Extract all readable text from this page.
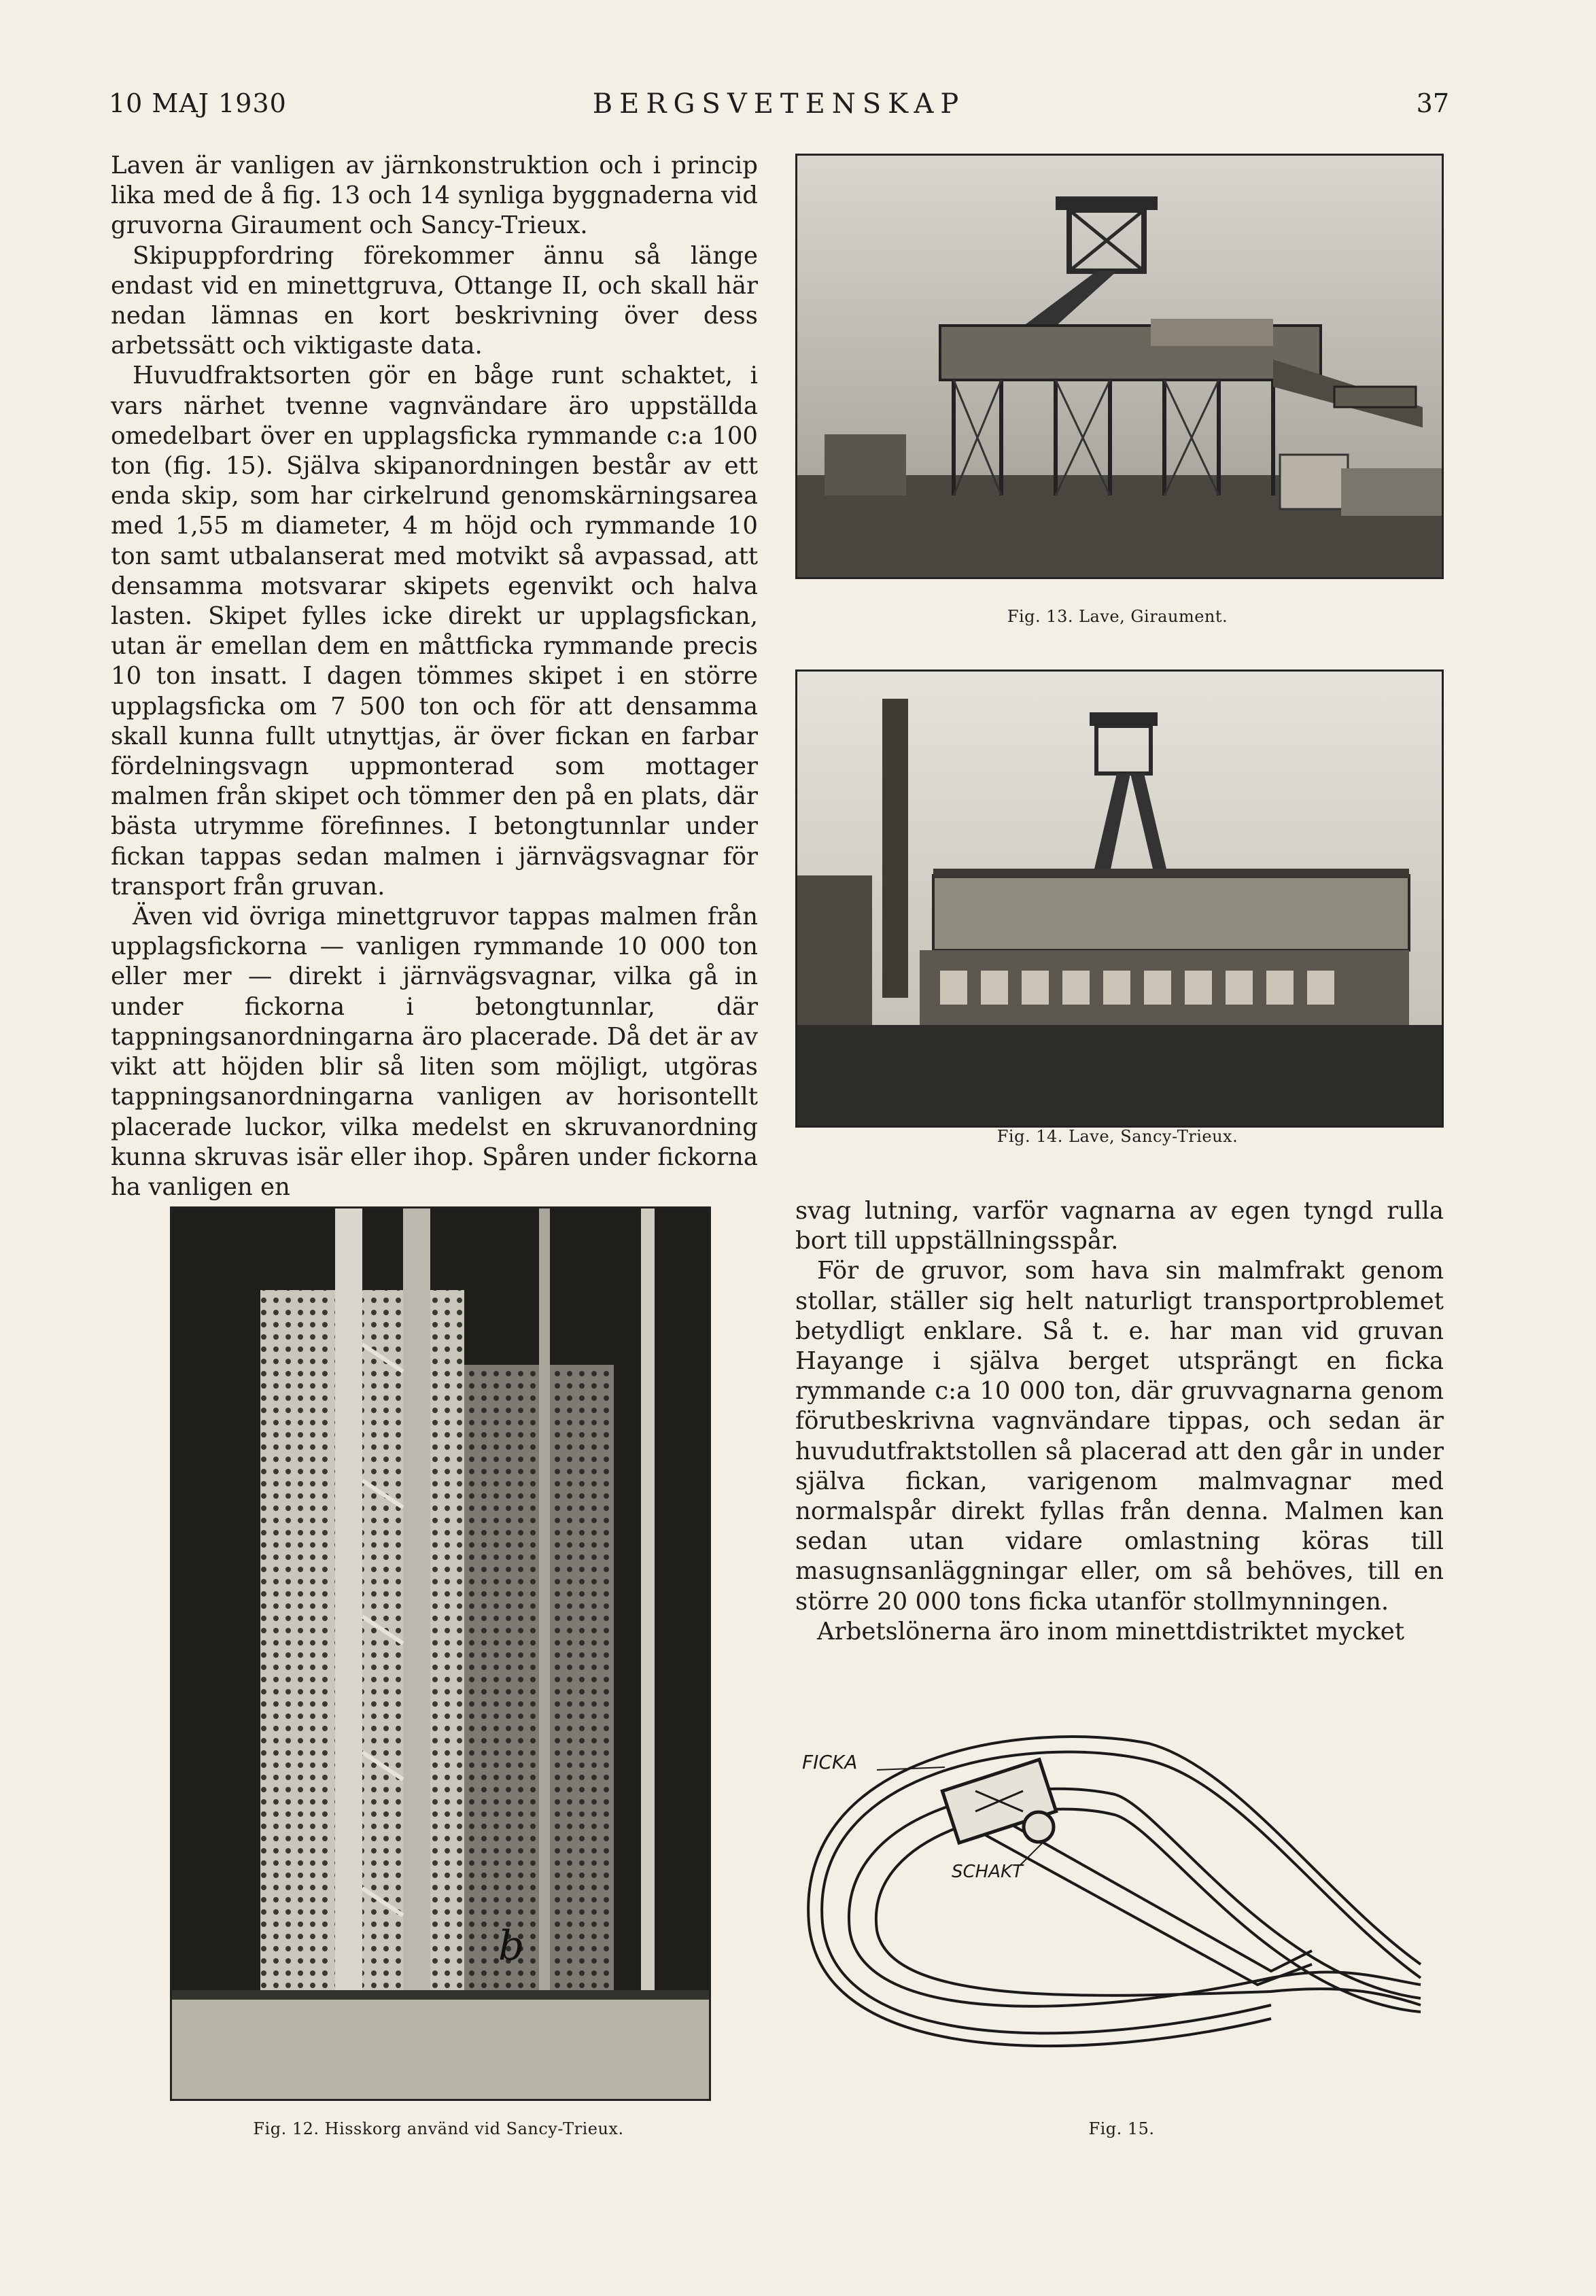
10 MAJ 1930	BERGSVETENSKAP	37

Laven är vanligen av järnkonstruktion och i princip lika med de å fig. 13 och 14 synliga byggnaderna vid gruvorna Giraument och Sancy-Trieux.

Skipuppfordring förekommer ännu så länge endast vid en minettgruva, Ottange II, och skall här nedan lämnas en kort beskrivning över dess arbetssätt och viktigaste data.

Huvudfraktsorten gör en båge runt schaktet, i vars närhet tvenne vagnvändare äro uppställda omedelbart över en upplagsficka rymmande c:a 100 ton (fig. 15). Själva skipanordningen består av ett enda skip, som har cirkelrund genomskärningsarea med 1,55 m diameter, 4 m höjd och rymmande 10 ton samt utbalanserat med motvikt så avpassad, att densamma motsvarar skipets egenvikt och halva lasten. Skipet fylles icke direkt ur upplagsfickan, utan är emellan dem en måttficka rymmande precis 10 ton insatt. I dagen tömmes skipet i en större upplagsficka om 7 500 ton och för att densamma skall kunna fullt utnyttjas, är över fickan en farbar fördelningsvagn uppmonterad som mottager malmen från skipet och tömmer den på en plats, där bästa utrymme förefinnes. I betongtunnlar under fickan tappas sedan malmen i järnvägsvagnar för transport från gruvan.

Även vid övriga minettgruvor tappas malmen från upplagsfickorna — vanligen rymmande 10 000 ton eller mer — direkt i järnvägsvagnar, vilka gå in under fickorna i betongtunnlar, där tappningsanordningarna äro placerade. Då det är av vikt att höjden blir så liten som möjligt, utgöras tappningsanordningarna vanligen av horisontellt placerade luckor, vilka medelst en skruvanordning kunna skruvas isär eller ihop. Spåren under fickorna ha vanligen en

Fig. 13. Lave, Giraument.
Fig. 14. Lave, Sancy-Trieux.
b
Fig. 12. Hisskorg använd vid Sancy-Trieux.

svag lutning, varför vagnarna av egen tyngd rulla bort till uppställningsspår.

För de gruvor, som hava sin malmfrakt genom stollar, ställer sig helt naturligt transportproblemet betydligt enklare. Så t. e. har man vid gruvan Hayange i själva berget utsprängt en ficka rymmande c:a 10 000 ton, där gruvvagnarna genom förutbeskrivna vagnvändare tippas, och sedan är huvudutfraktstollen så placerad att den går in under själva fickan, varigenom malmvagnar med normalspår direkt fyllas från denna. Malmen kan sedan utan vidare omlastning köras till masugnsanläggningar eller, om så behöves, till en större 20 000 tons ficka utanför stollmynningen.

Arbetslönerna äro inom minettdistriktet mycket

FICKA
SCHAKT
Fig. 15.
